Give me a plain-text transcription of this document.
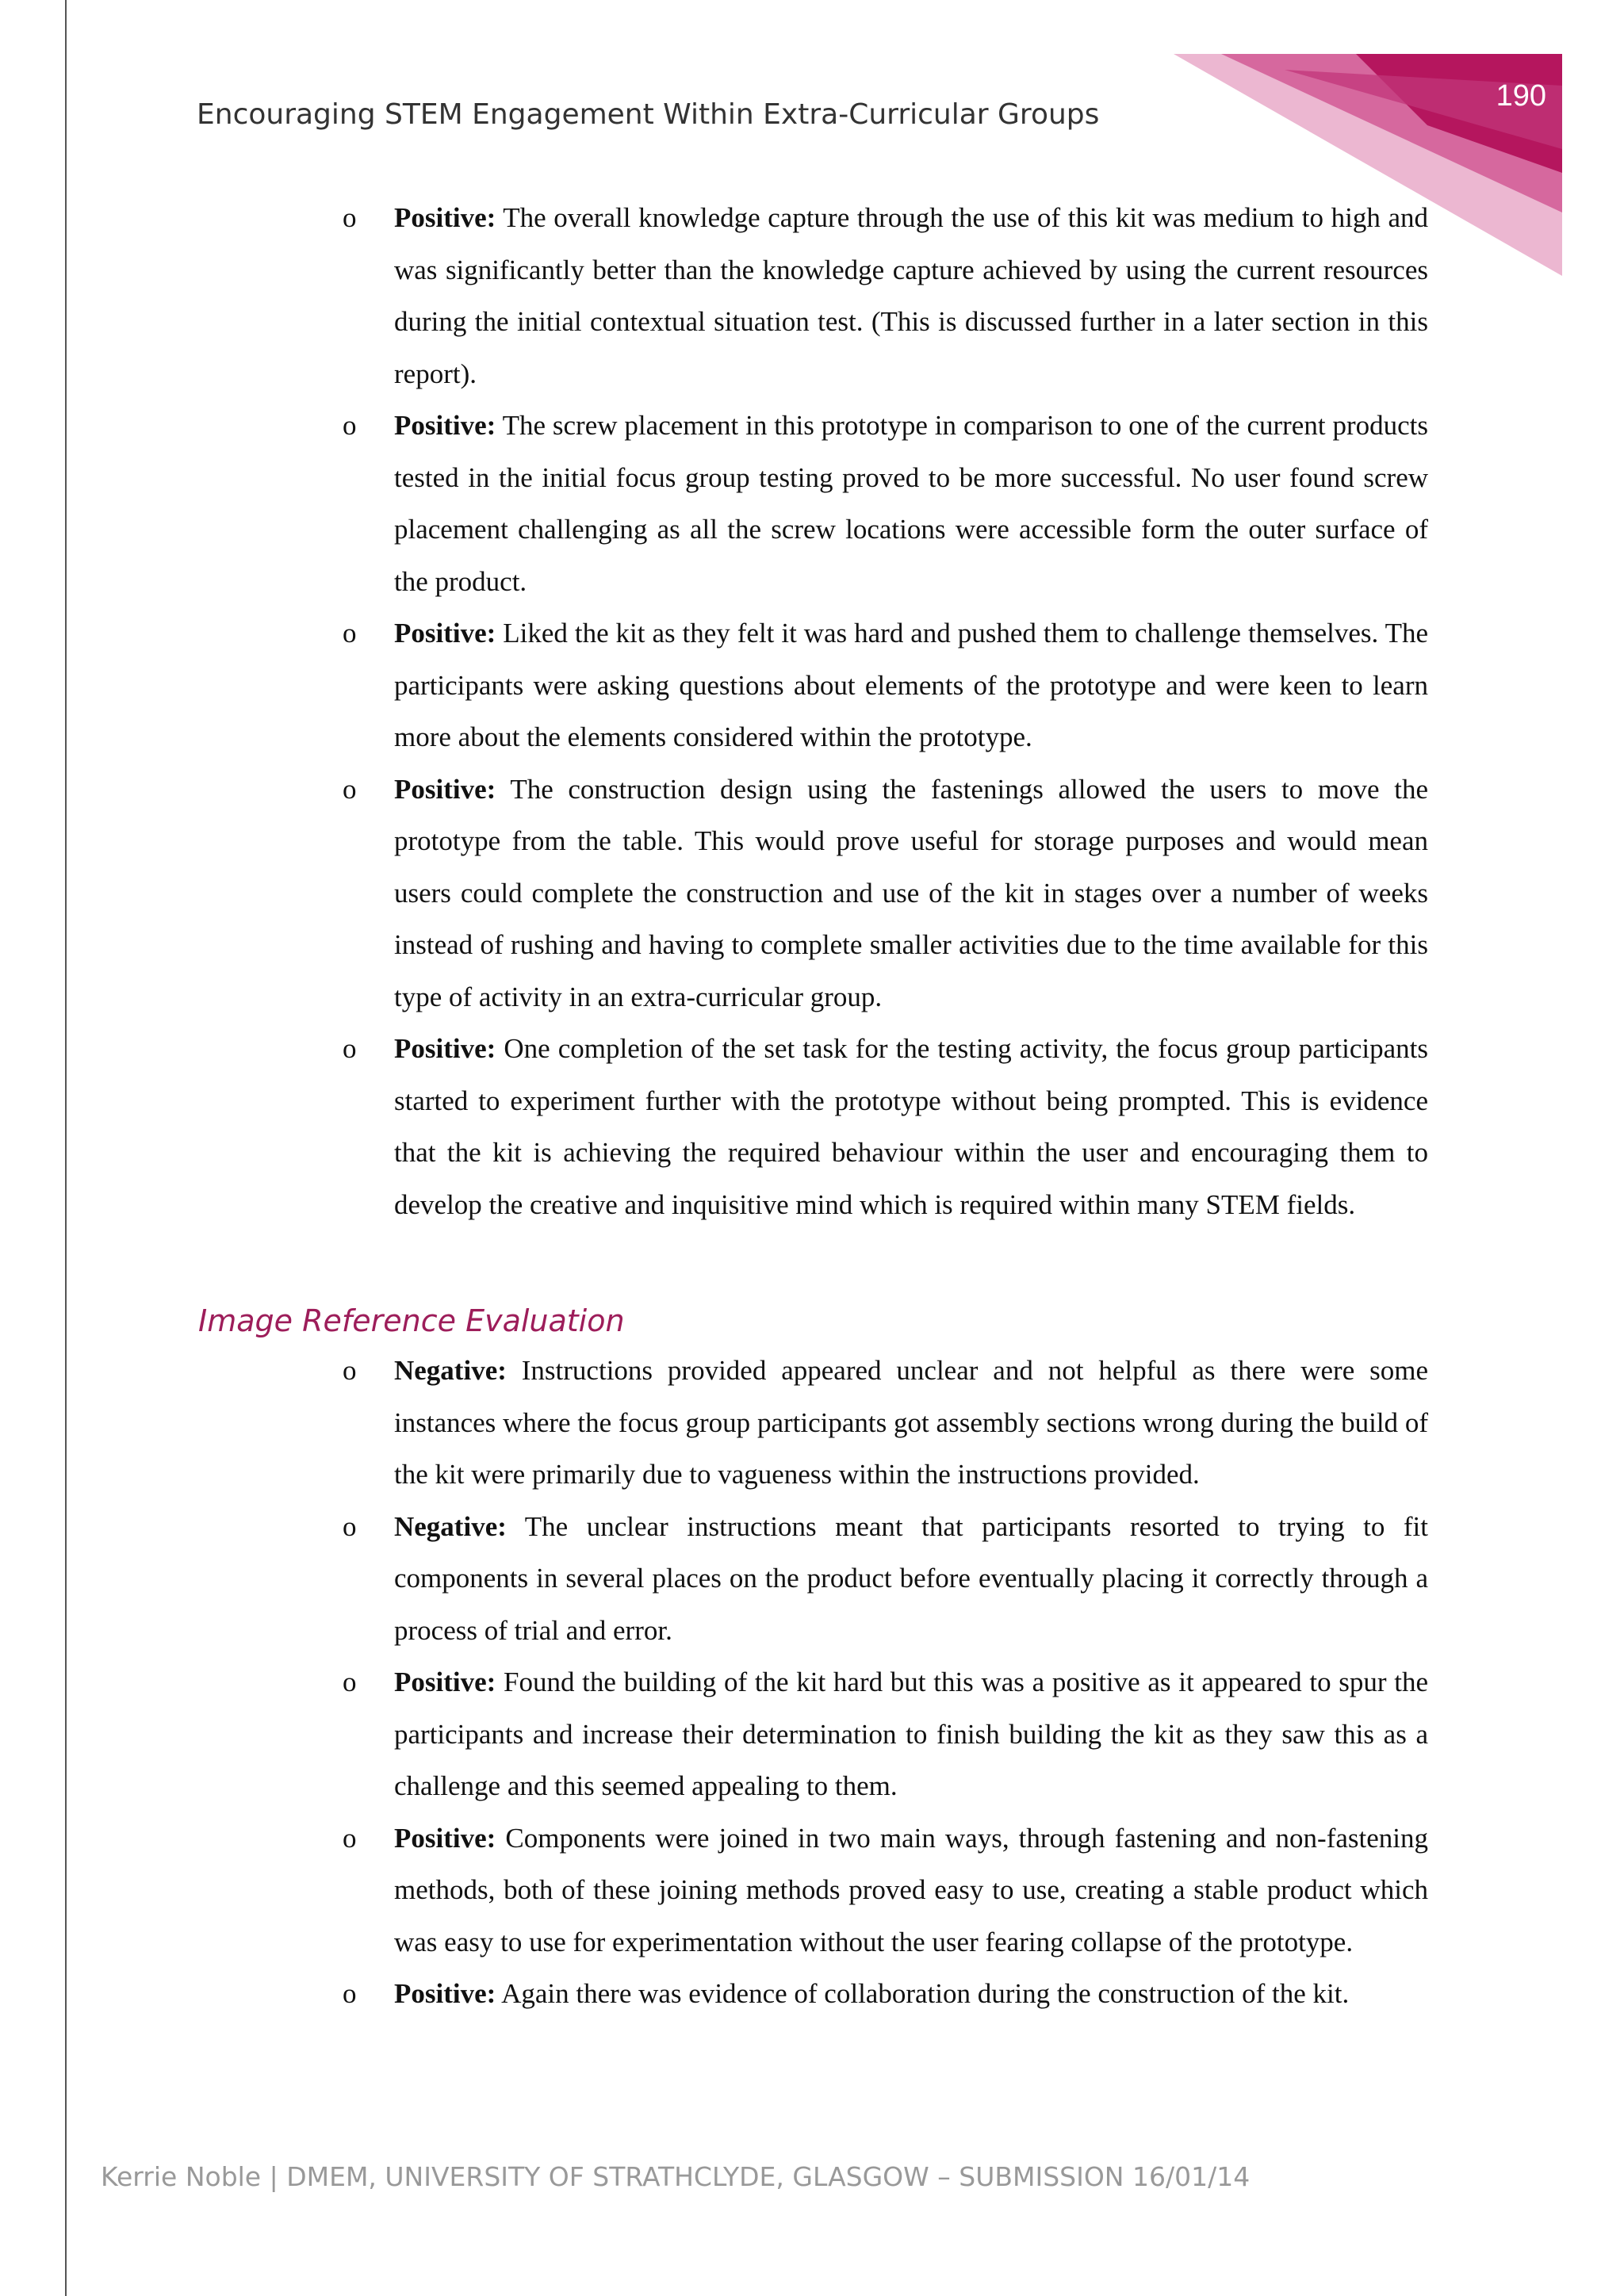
190
Encouraging STEM Engagement Within Extra-Curricular Groups
o Positive: The overall knowledge capture through the use of this kit was medium to high and was significantly better than the knowledge capture achieved by using the current resources during the initial contextual situation test. (This is discussed further in a later section in this report).
o Positive: The screw placement in this prototype in comparison to one of the current products tested in the initial focus group testing proved to be more successful. No user found screw placement challenging as all the screw locations were accessible form the outer surface of the product.
o Positive: Liked the kit as they felt it was hard and pushed them to challenge themselves. The participants were asking questions about elements of the prototype and were keen to learn more about the elements considered within the prototype.
o Positive: The construction design using the fastenings allowed the users to move the prototype from the table. This would prove useful for storage purposes and would mean users could complete the construction and use of the kit in stages over a number of weeks instead of rushing and having to complete smaller activities due to the time available for this type of activity in an extra-curricular group.
o Positive: One completion of the set task for the testing activity, the focus group participants started to experiment further with the prototype without being prompted. This is evidence that the kit is achieving the required behaviour within the user and encouraging them to develop the creative and inquisitive mind which is required within many STEM fields.
Image Reference Evaluation
o Negative: Instructions provided appeared unclear and not helpful as there were some instances where the focus group participants got assembly sections wrong during the build of the kit were primarily due to vagueness within the instructions provided.
o Negative: The unclear instructions meant that participants resorted to trying to fit components in several places on the product before eventually placing it correctly through a process of trial and error.
o Positive: Found the building of the kit hard but this was a positive as it appeared to spur the participants and increase their determination to finish building the kit as they saw this as a challenge and this seemed appealing to them.
o Positive: Components were joined in two main ways, through fastening and non-fastening methods, both of these joining methods proved easy to use, creating a stable product which was easy to use for experimentation without the user fearing collapse of the prototype.
o Positive: Again there was evidence of collaboration during the construction of the kit.
Kerrie Noble | DMEM, UNIVERSITY OF STRATHCLYDE, GLASGOW – SUBMISSION 16/01/14
